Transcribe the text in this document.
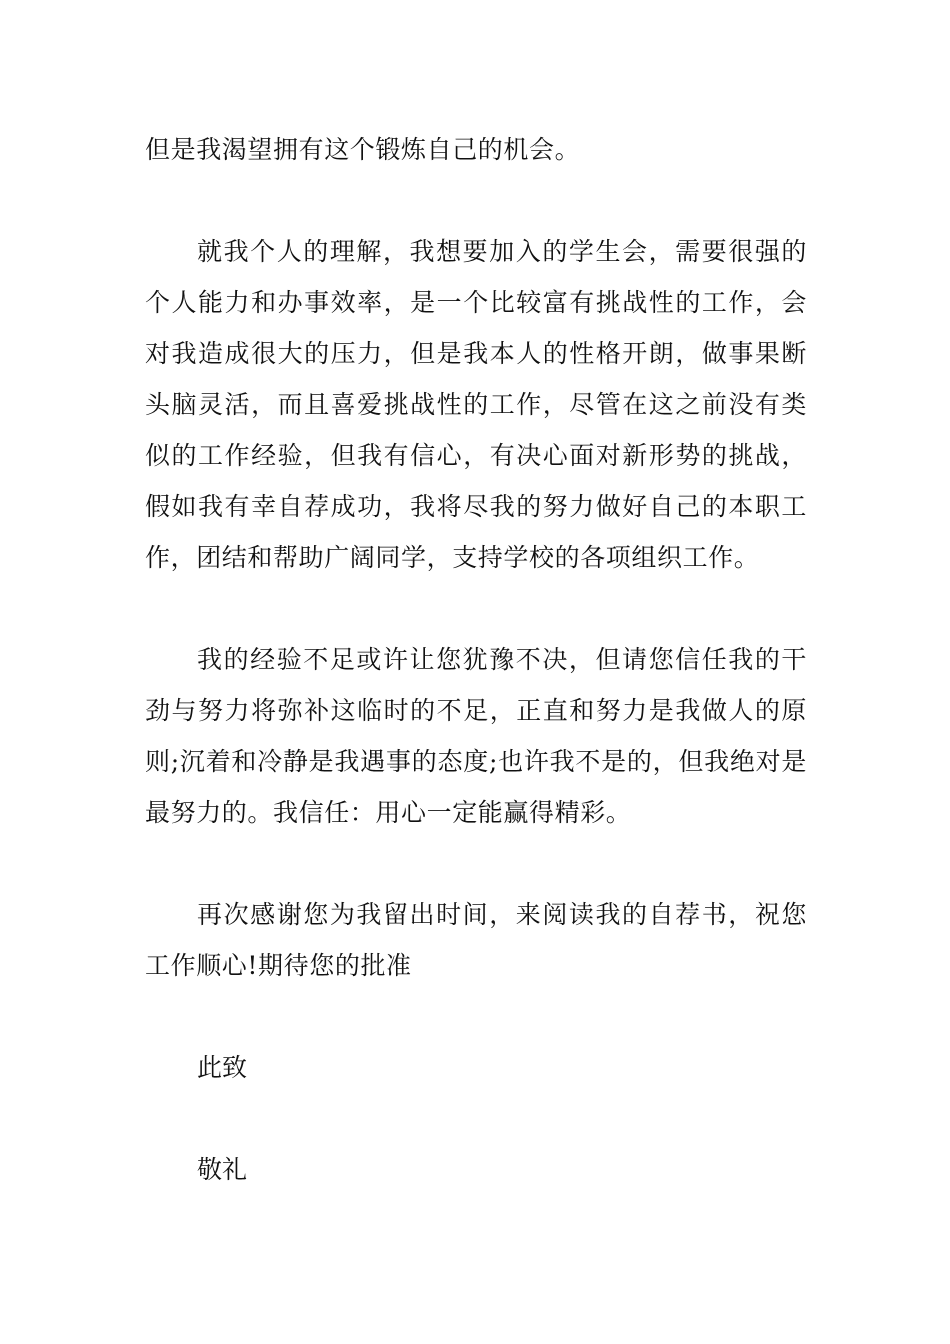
但是我渴望拥有这个锻炼自己的机会。

就我个人的理解，我想要加入的学生会，需要很强的个人能力和办事效率，是一个比较富有挑战性的工作，会对我造成很大的压力，但是我本人的性格开朗，做事果断头脑灵活，而且喜爱挑战性的工作，尽管在这之前没有类似的工作经验，但我有信心，有决心面对新形势的挑战，假如我有幸自荐成功，我将尽我的努力做好自己的本职工作，团结和帮助广阔同学，支持学校的各项组织工作。

我的经验不足或许让您犹豫不决，但请您信任我的干劲与努力将弥补这临时的不足，正直和努力是我做人的原则;沉着和冷静是我遇事的态度;也许我不是的，但我绝对是最努力的。我信任：用心一定能赢得精彩。

再次感谢您为我留出时间，来阅读我的自荐书，祝您工作顺心!期待您的批准

此致

敬礼
